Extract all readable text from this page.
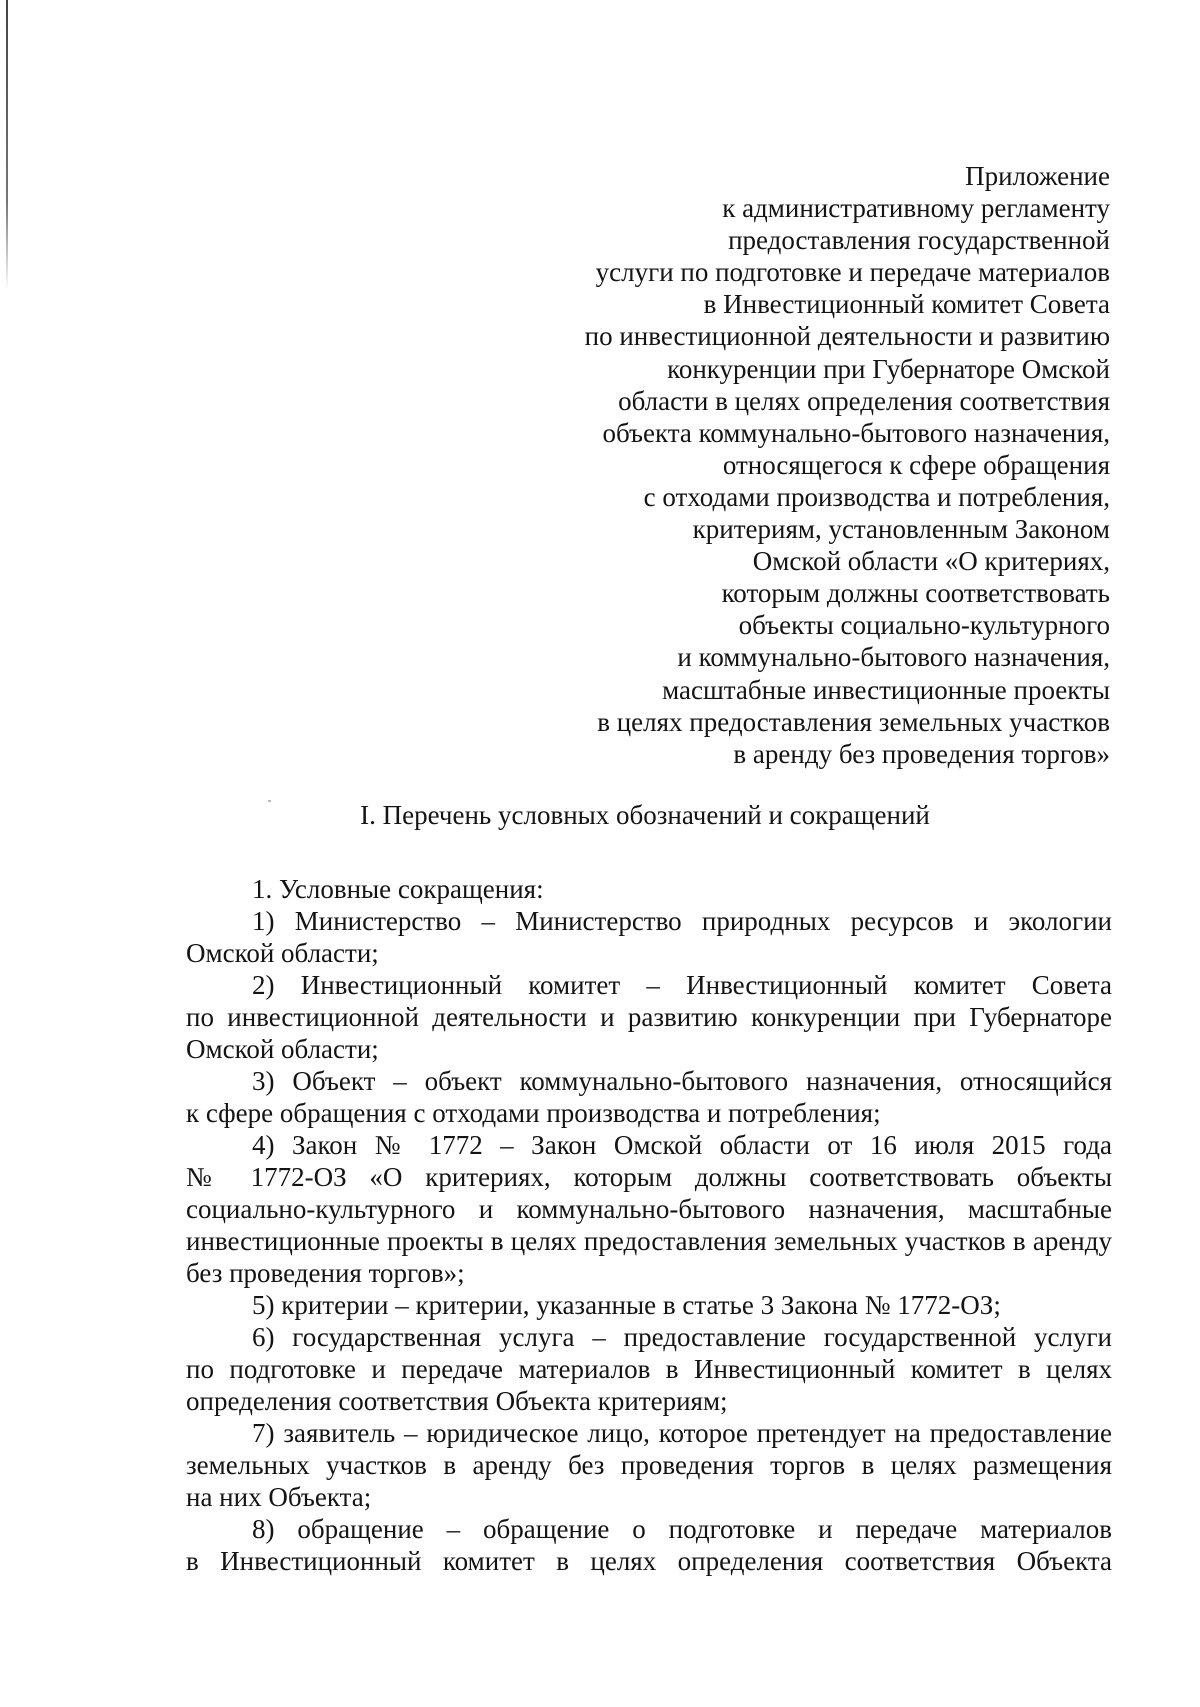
Приложение
к административному регламенту
предоставления государственной
услуги по подготовке и передаче материалов
в Инвестиционный комитет Совета
по инвестиционной деятельности и развитию
конкуренции при Губернаторе Омской
области в целях определения соответствия
объекта коммунально-бытового назначения,
относящегося к сфере обращения
с отходами производства и потребления,
критериям, установленным Законом
Омской области «О критериях,
которым должны соответствовать
объекты социально-культурного
и коммунально-бытового назначения,
масштабные инвестиционные проекты
в целях предоставления земельных участков
в аренду без проведения торгов»
I. Перечень условных обозначений и сокращений
1. Условные сокращения:
1) Министерство – Министерство природных ресурсов и экологии
Омской области;
2) Инвестиционный комитет – Инвестиционный комитет Совета
по инвестиционной деятельности и развитию конкуренции при Губернаторе
Омской области;
3) Объект – объект коммунально-бытового назначения, относящийся
к сфере обращения с отходами производства и потребления;
4) Закон № 1772 – Закон Омской области от 16 июля 2015 года
№ 1772-ОЗ «О критериях, которым должны соответствовать объекты
социально-культурного и коммунально-бытового назначения, масштабные
инвестиционные проекты в целях предоставления земельных участков в аренду
без проведения торгов»;
5) критерии – критерии, указанные в статье 3 Закона № 1772-ОЗ;
6) государственная услуга – предоставление государственной услуги
по подготовке и передаче материалов в Инвестиционный комитет в целях
определения соответствия Объекта критериям;
7) заявитель – юридическое лицо, которое претендует на предоставление
земельных участков в аренду без проведения торгов в целях размещения
на них Объекта;
8) обращение – обращение о подготовке и передаче материалов
в Инвестиционный комитет в целях определения соответствия Объекта
